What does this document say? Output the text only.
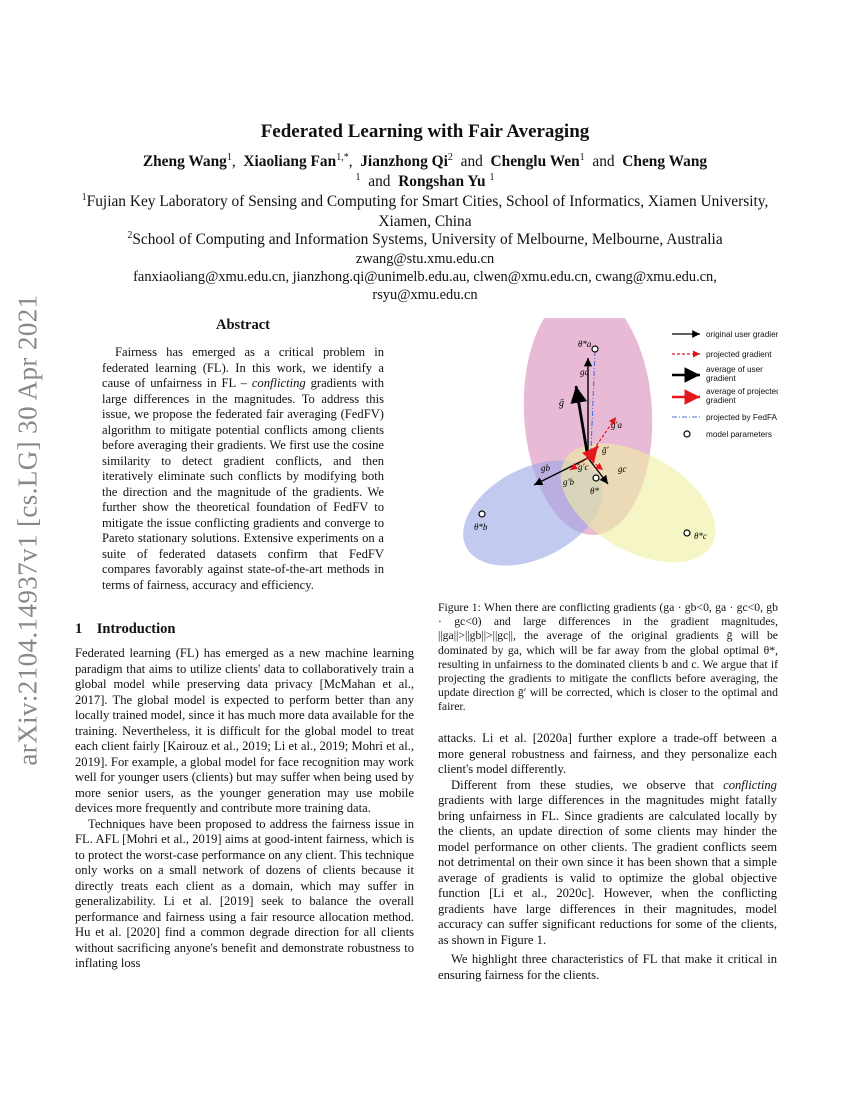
arXiv:2104.14937v1 [cs.LG] 30 Apr 2021
Federated Learning with Fair Averaging
Zheng Wang$^1$,  Xiaoliang Fan$^{1,*}$,  Jianzhong Qi$^2$ and Chenglu Wen$^1$ and Cheng Wang
$^1$ and Rongshan Yu $^1$
$^1$Fujian Key Laboratory of Sensing and Computing for Smart Cities, School of Informatics, Xiamen University, Xiamen, China
$^2$School of Computing and Information Systems, University of Melbourne, Melbourne, Australia
zwang@stu.xmu.edu.cn
fanxiaoliang@xmu.edu.cn, jianzhong.qi@unimelb.edu.au, clwen@xmu.edu.cn, cwang@xmu.edu.cn,
rsyu@xmu.edu.cn
Abstract

Fairness has emerged as a critical problem in federated learning (FL). In this work, we identify a cause of unfairness in FL – conflicting gradients with large differences in the magnitudes. To address this issue, we propose the federated fair averaging (FedFV) algorithm to mitigate potential conflicts among clients before averaging their gradients. We first use the cosine similarity to detect gradient conflicts, and then iteratively eliminate such conflicts by modifying both the direction and the magnitude of the gradients. We further show the theoretical foundation of FedFV to mitigate the issue conflicting gradients and converge to Pareto stationary solutions. Extensive experiments on a suite of federated datasets confirm that FedFV compares favorably against state-of-the-art methods in terms of fairness, accuracy and efficiency.

1 Introduction

Federated learning (FL) has emerged as a new machine learning paradigm that aims to utilize clients' data to collaboratively train a global model while preserving data privacy [McMahan et al., 2017]. The global model is expected to perform better than any locally trained model, since it has much more data available for the training. Nevertheless, it is difficult for the global model to treat each client fairly [Kairouz et al., 2019; Li et al., 2019; Mohri et al., 2019]. For example, a global model for face recognition may work well for younger users (clients) but may suffer when being used by more senior users, as the younger generation may use mobile devices more frequently and contribute more training data.

Techniques have been proposed to address the fairness issue in FL. AFL [Mohri et al., 2019] aims at good-intent fairness, which is to protect the worst-case performance on any client. This technique only works on a small network of dozens of clients because it directly treats each client as a domain, which may suffer in generalizability. Li et al. [2019] seek to balance the overall performance and fairness using a fair resource allocation method. Hu et al. [2020] find a common degrade direction for all clients without sacrificing anyone's benefit and demonstrate robustness to inflating loss

θ*a
θ*b
θ*c
θ*
ga
ḡ
g′a
gb
g′b
gc
g′c
ḡ′
original user gradient
projected gradient
average of user
gradient
average of projected
gradient
projected by FedFA
model parameters
Figure 1: When there are conflicting gradients (ga · gb<0, ga · gc<0, gb · gc<0) and large differences in the gradient magnitudes, ||ga||>||gb||>||gc||, the average of the original gradients ḡ will be dominated by ga, which will be far away from the global optimal θ*, resulting in unfairness to the dominated clients b and c. We argue that if projecting the gradients to mitigate the conflicts before averaging, the update direction ḡ′ will be corrected, which is closer to the optimal and fairer.

attacks. Li et al. [2020a] further explore a trade-off between a more general robustness and fairness, and they personalize each client's model differently.

Different from these studies, we observe that conflicting gradients with large differences in the magnitudes might fatally bring unfairness in FL. Since gradients are calculated locally by the clients, an update direction of some clients may hinder the model performance on other clients. The gradient conflicts seem not detrimental on their own since it has been shown that a simple average of gradients is valid to optimize the global objective function [Li et al., 2020c]. However, when the conflicting gradients have large differences in their magnitudes, model accuracy can suffer significant reductions for some of the clients, as shown in Figure 1.

We highlight three characteristics of FL that make it critical in ensuring fairness for the clients.
